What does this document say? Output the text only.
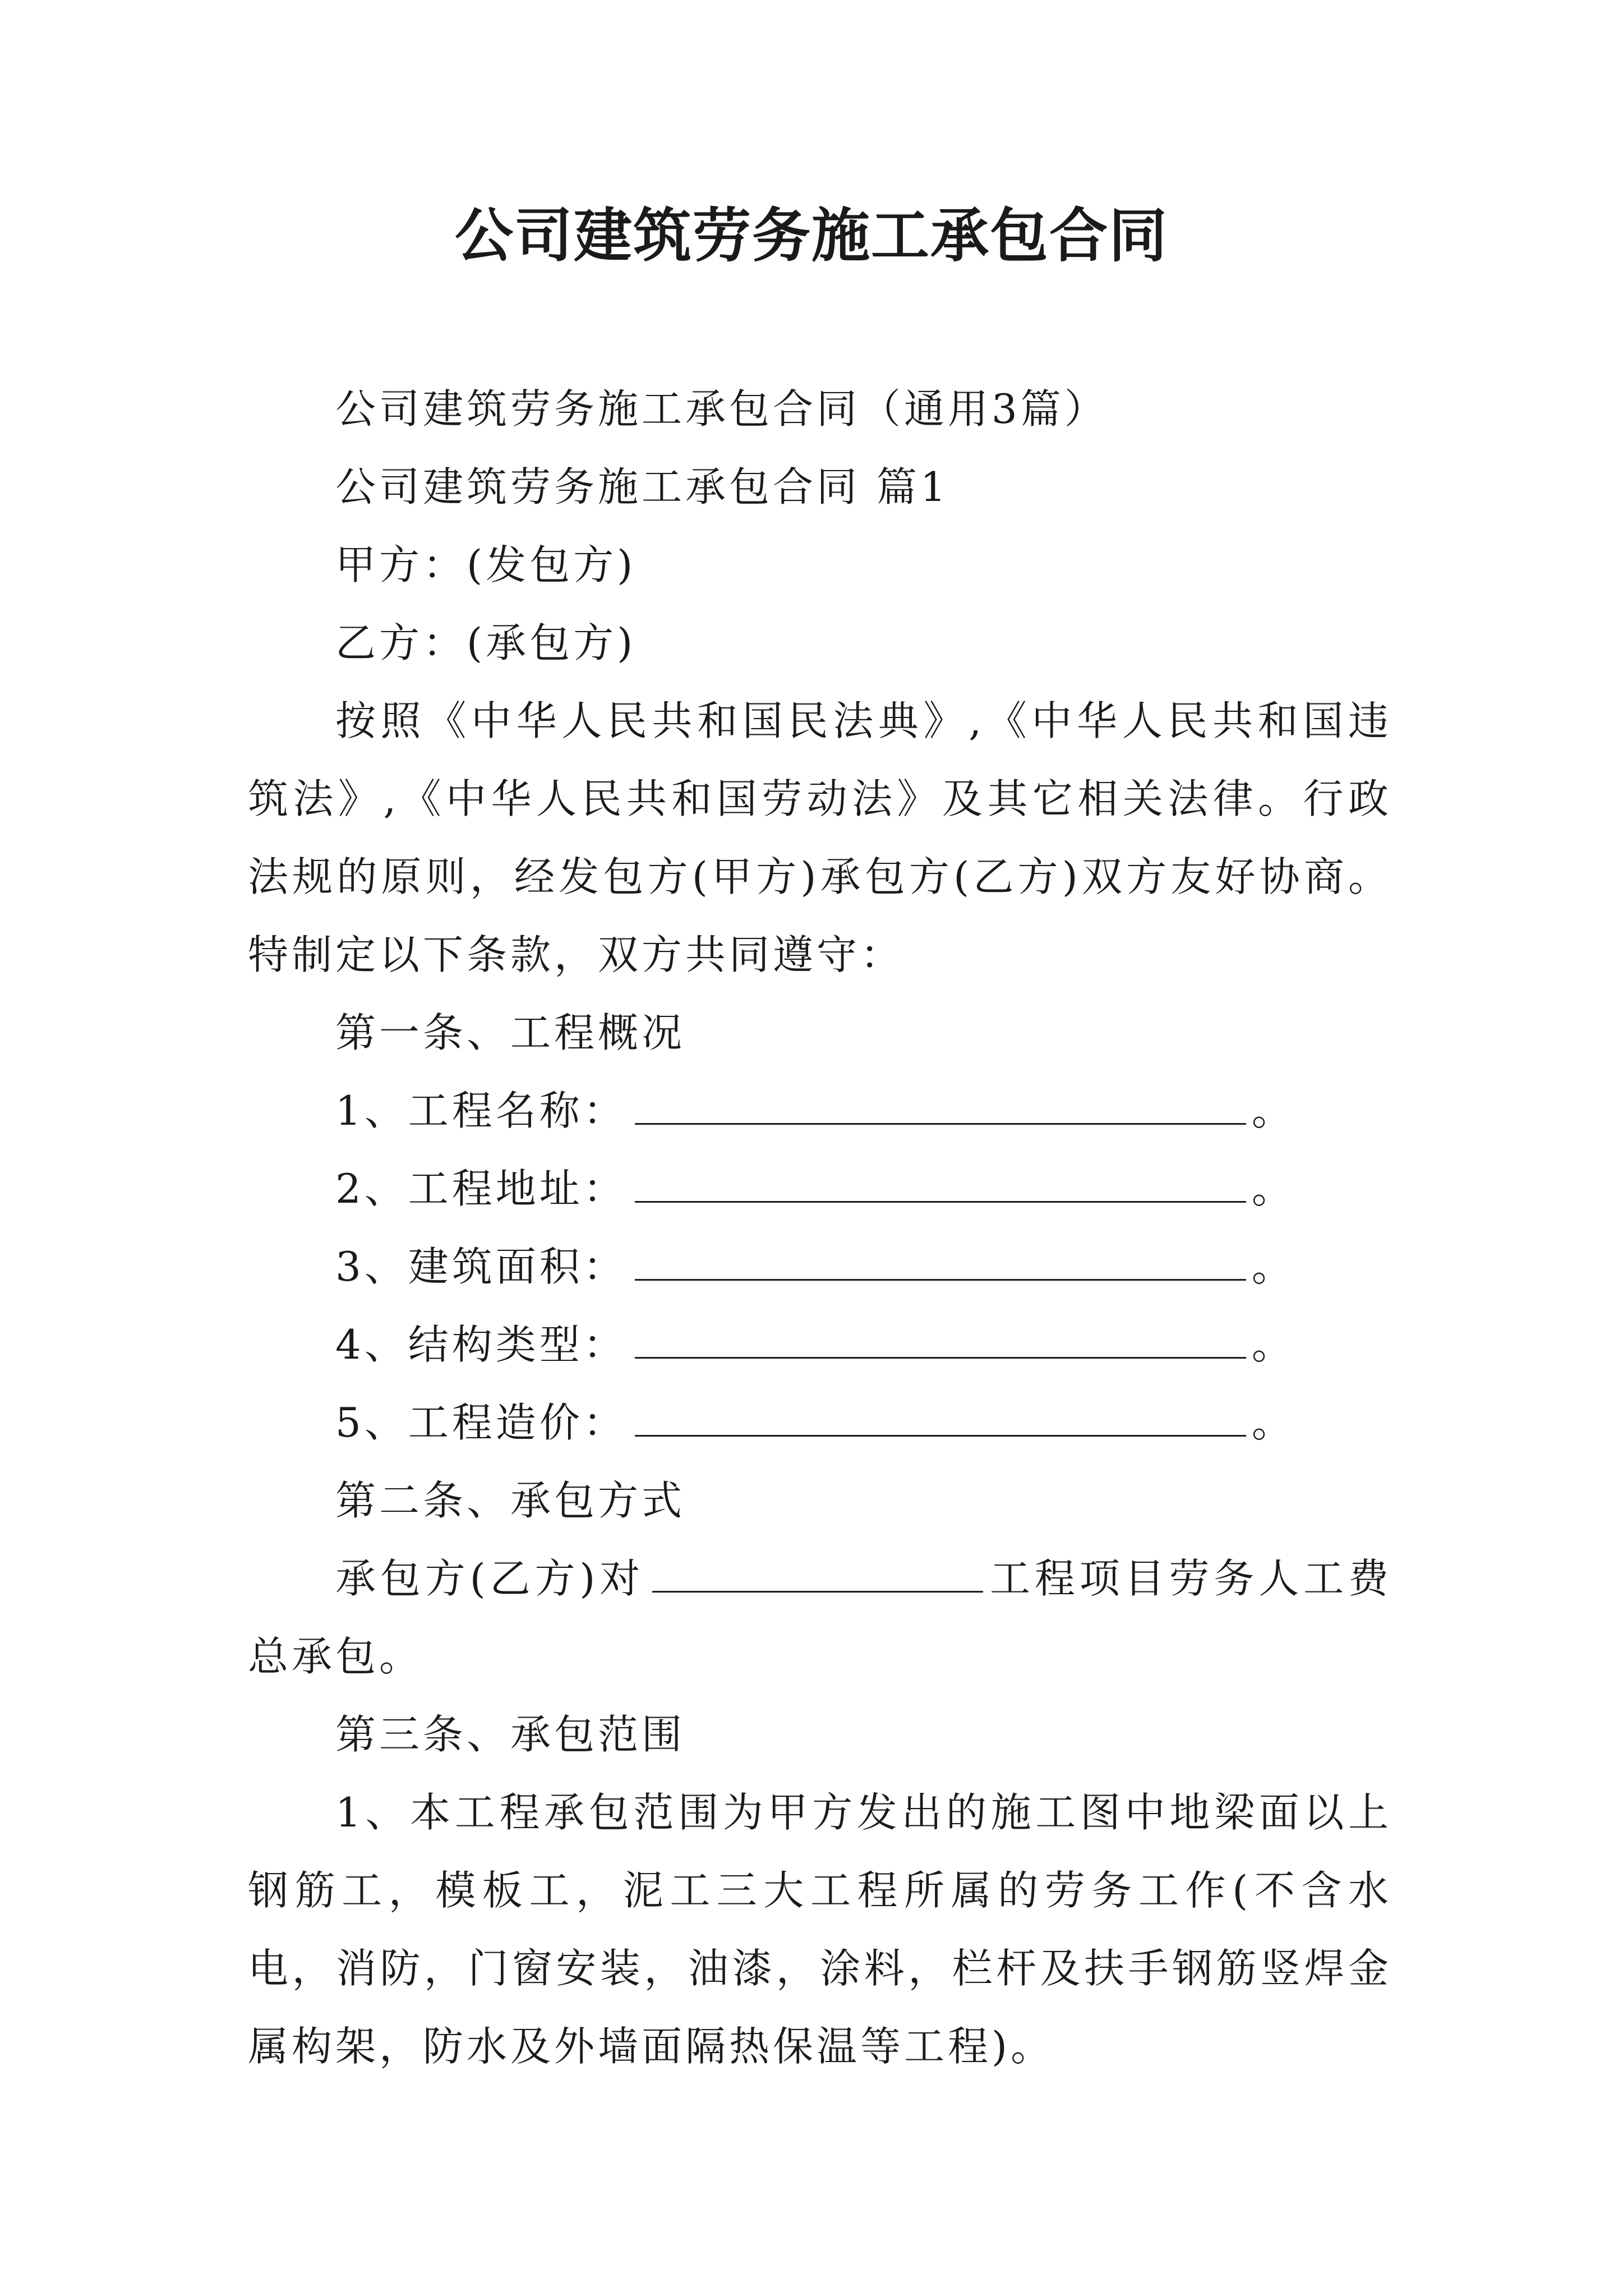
公司建筑劳务施工承包合同

公司建筑劳务施工承包合同（通用3篇）

公司建筑劳务施工承包合同 篇1

甲方：(发包方)

乙方：(承包方)

按照《中华人民共和国民法典》,《中华人民共和国违筑法》,《中华人民共和国劳动法》及其它相关法律。行政法规的原则，经发包方(甲方)承包方(乙方)双方友好协商。特制定以下条款，双方共同遵守：

第一条、工程概况

1、工程名称：	。

2、工程地址：	。

3、建筑面积：	。

4、结构类型：	。

5、工程造价：	。

第二条、承包方式

承包方(乙方)对	工程项目劳务人工费总承包。

第三条、承包范围

1、本工程承包范围为甲方发出的施工图中地梁面以上钢筋工，模板工，泥工三大工程所属的劳务工作(不含水电，消防，门窗安装，油漆，涂料，栏杆及扶手钢筋竖焊金属构架，防水及外墙面隔热保温等工程)。
